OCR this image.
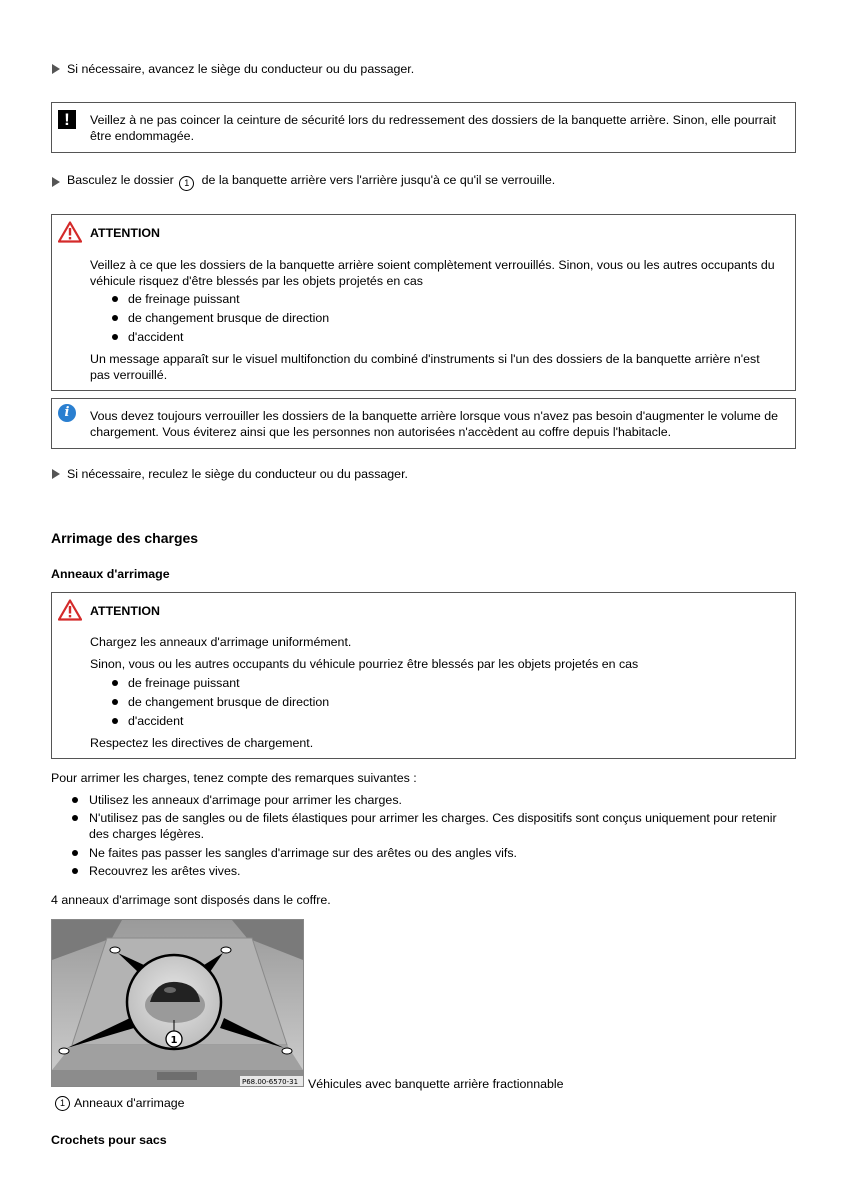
Si nécessaire, avancez le siège du conducteur ou du passager.
!	Veillez à ne pas coincer la ceinture de sécurité lors du redressement des dossiers de la banquette arrière. Sinon, elle pourrait être endommagée.
Basculez le dossier 1 de la banquette arrière vers l'arrière jusqu'à ce qu'il se verrouille.
ATTENTION
Veillez à ce que les dossiers de la banquette arrière soient complètement verrouillés. Sinon, vous ou les autres occupants du véhicule risquez d'être blessés par les objets projetés en cas
de freinage puissant
de changement brusque de direction
d'accident
Un message apparaît sur le visuel multifonction du combiné d'instruments si l'un des dossiers de la banquette arrière n'est pas verrouillé.
i	Vous devez toujours verrouiller les dossiers de la banquette arrière lorsque vous n'avez pas besoin d'augmenter le volume de chargement. Vous éviterez ainsi que les personnes non autorisées n'accèdent au coffre depuis l'habitacle.
Si nécessaire, reculez le siège du conducteur ou du passager.
Arrimage des charges
Anneaux d'arrimage
ATTENTION
Chargez les anneaux d'arrimage uniformément.
Sinon, vous ou les autres occupants du véhicule pourriez être blessés par les objets projetés en cas
de freinage puissant
de changement brusque de direction
d'accident
Respectez les directives de chargement.
Pour arrimer les charges, tenez compte des remarques suivantes :
Utilisez les anneaux d'arrimage pour arrimer les charges.
N'utilisez pas de sangles ou de filets élastiques pour arrimer les charges. Ces dispositifs sont conçus uniquement pour retenir des charges légères.
Ne faites pas passer les sangles d'arrimage sur des arêtes ou des angles vifs.
Recouvrez les arêtes vives.
4 anneaux d'arrimage sont disposés dans le coffre.
1
P68.00-6570-31 Véhicules avec banquette arrière fractionnable
1 Anneaux d'arrimage
Crochets pour sacs
